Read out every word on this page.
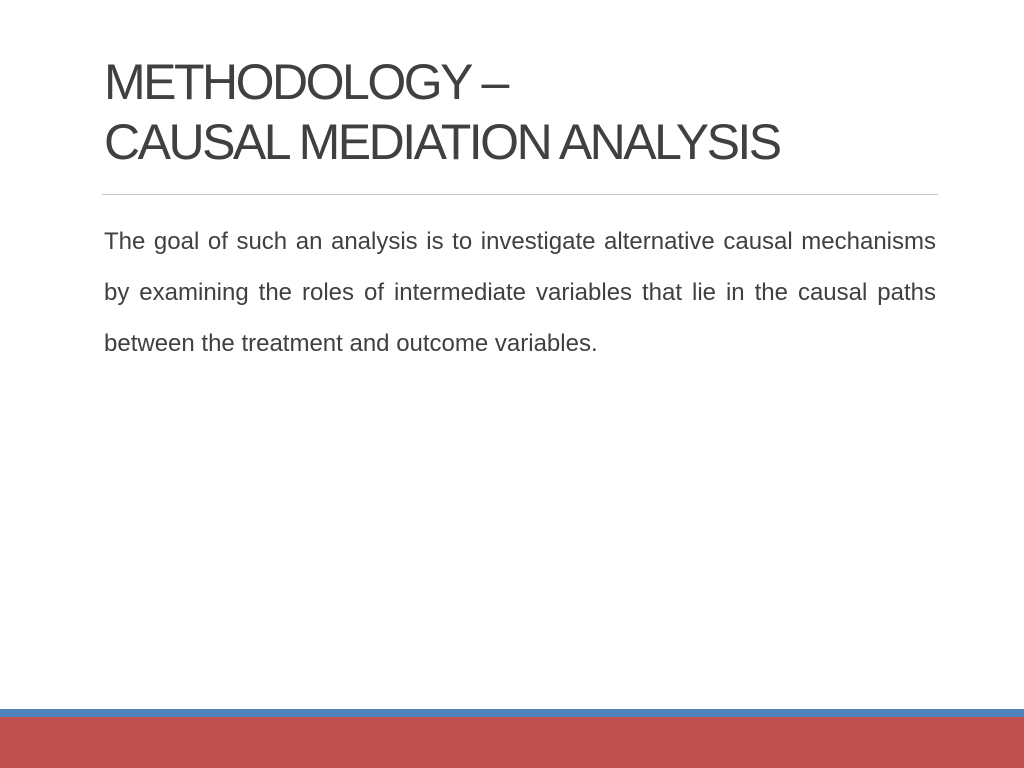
METHODOLOGY –
CAUSAL MEDIATION ANALYSIS

The goal of such an analysis is to investigate alternative causal mechanisms by examining the roles of intermediate variables that lie in the causal paths between the treatment and outcome variables.
